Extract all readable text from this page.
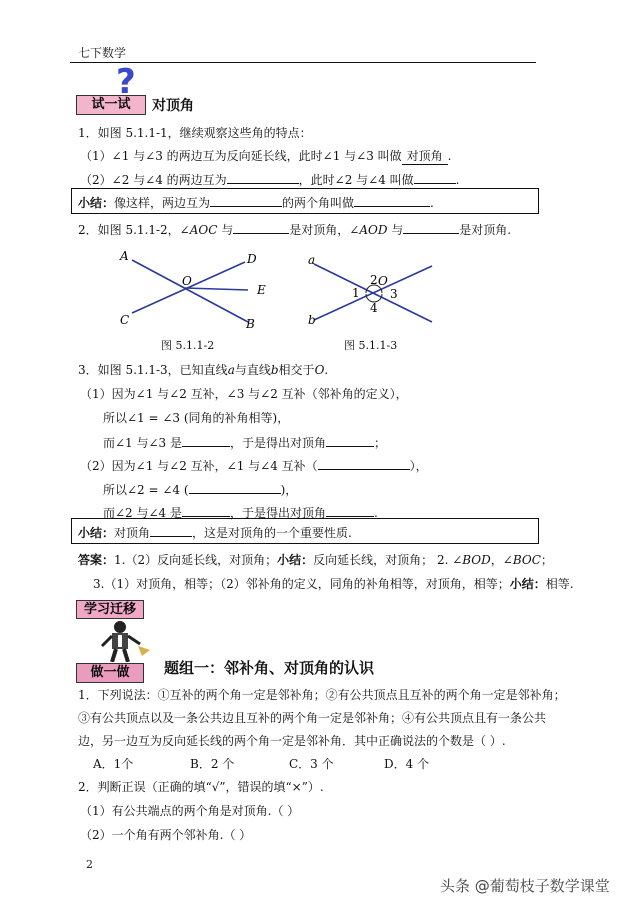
七下数学
试一试
?
对顶角
1．如图 5.1.1-1，继续观察这些角的特点：
（1）∠1 与∠3 的两边互为反向延长线，此时∠1 与∠3 叫做 对顶角 .
（2）∠2 与∠4 的两边互为	，此时∠2 与∠4 叫做	.
小结：像这样，两边互为	的两个角叫做	.
2．如图 5.1.1-2，∠AOC 与	是对顶角，∠AOD 与	是对顶角.
A	D
O
E
C	B
图 5.1.1-2
a
b
2 O
1	3
4
图 5.1.1-3
3．如图 5.1.1-3，已知直线a与直线b相交于O.
（1）因为∠1 与∠2 互补，∠3 与∠2 互补（邻补角的定义），
所以∠1 = ∠3 (同角的补角相等)，
而∠1 与∠3 是	，于是得出对顶角	；
（2）因为∠1 与∠2 互补，∠1 与∠4 互补（	），
所以∠2 = ∠4 (	)，
而∠2 与∠4 是	，于是得出对顶角	.
小结：对顶角	，这是对顶角的一个重要性质.
答案：1.（2）反向延长线，对顶角；小结：反向延长线，对顶角； 2. ∠BOD，∠BOC；
3.（1）对顶角，相等；（2）邻补角的定义，同角的补角相等，对顶角，相等；小结：相等.
学习迁移
做一做	题组一：邻补角、对顶角的认识
1．下列说法：①互补的两个角一定是邻补角；②有公共顶点且互补的两个角一定是邻补角；
③有公共顶点以及一条公共边且互补的两个角一定是邻补角；④有公共顶点且有一条公共
边，另一边互为反向延长线的两个角一定是邻补角．其中正确说法的个数是（ ）.
A．1个	B．2 个	C．3 个	D．4 个
2．判断正误（正确的填“√”，错误的填“×”）.
（1）有公共端点的两个角是对顶角.（ ）
（2）一个角有两个邻补角.（ ）
2
头条 @葡萄枝子数学课堂
